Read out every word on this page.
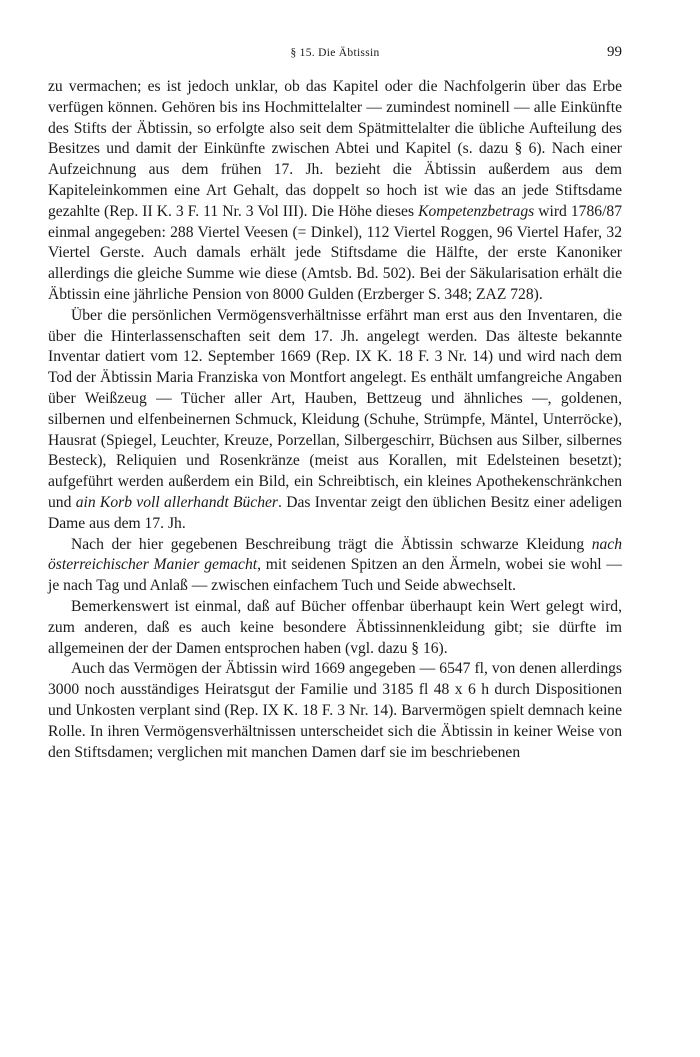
§ 15. Die Äbtissin	99

zu vermachen; es ist jedoch unklar, ob das Kapitel oder die Nachfolgerin über das Erbe verfügen können. Gehören bis ins Hochmittelalter — zumindest nominell — alle Einkünfte des Stifts der Äbtissin, so erfolgte also seit dem Spätmittelalter die übliche Aufteilung des Besitzes und damit der Einkünfte zwischen Abtei und Kapitel (s. dazu § 6). Nach einer Aufzeichnung aus dem frühen 17. Jh. bezieht die Äbtissin außerdem aus dem Kapiteleinkommen eine Art Gehalt, das doppelt so hoch ist wie das an jede Stiftsdame gezahlte (Rep. II K. 3 F. 11 Nr. 3 Vol III). Die Höhe dieses Kompetenzbetrags wird 1786/87 einmal angegeben: 288 Viertel Veesen (= Dinkel), 112 Viertel Roggen, 96 Viertel Hafer, 32 Viertel Gerste. Auch damals erhält jede Stiftsdame die Hälfte, der erste Kanoniker allerdings die gleiche Summe wie diese (Amtsb. Bd. 502). Bei der Säkularisation erhält die Äbtissin eine jährliche Pension von 8000 Gulden (Erzberger S. 348; ZAZ 728).

Über die persönlichen Vermögensverhältnisse erfährt man erst aus den Inventaren, die über die Hinterlassenschaften seit dem 17. Jh. angelegt werden. Das älteste bekannte Inventar datiert vom 12. September 1669 (Rep. IX K. 18 F. 3 Nr. 14) und wird nach dem Tod der Äbtissin Maria Franziska von Montfort angelegt. Es enthält umfangreiche Angaben über Weißzeug — Tücher aller Art, Hauben, Bettzeug und ähnliches —, goldenen, silbernen und elfenbeinernen Schmuck, Kleidung (Schuhe, Strümpfe, Mäntel, Unterröcke), Hausrat (Spiegel, Leuchter, Kreuze, Porzellan, Silbergeschirr, Büchsen aus Silber, silbernes Besteck), Reliquien und Rosenkränze (meist aus Korallen, mit Edelsteinen besetzt); aufgeführt werden außerdem ein Bild, ein Schreibtisch, ein kleines Apothekenschränkchen und ain Korb voll allerhandt Bücher. Das Inventar zeigt den üblichen Besitz einer adeligen Dame aus dem 17. Jh.

Nach der hier gegebenen Beschreibung trägt die Äbtissin schwarze Kleidung nach österreichischer Manier gemacht, mit seidenen Spitzen an den Ärmeln, wobei sie wohl — je nach Tag und Anlaß — zwischen einfachem Tuch und Seide abwechselt.

Bemerkenswert ist einmal, daß auf Bücher offenbar überhaupt kein Wert gelegt wird, zum anderen, daß es auch keine besondere Äbtissinnenkleidung gibt; sie dürfte im allgemeinen der der Damen entsprochen haben (vgl. dazu § 16).

Auch das Vermögen der Äbtissin wird 1669 angegeben — 6547 fl, von denen allerdings 3000 noch ausständiges Heiratsgut der Familie und 3185 fl 48 x 6 h durch Dispositionen und Unkosten verplant sind (Rep. IX K. 18 F. 3 Nr. 14). Barvermögen spielt demnach keine Rolle. In ihren Vermögensverhältnissen unterscheidet sich die Äbtissin in keiner Weise von den Stiftsdamen; verglichen mit manchen Damen darf sie im beschriebenen
